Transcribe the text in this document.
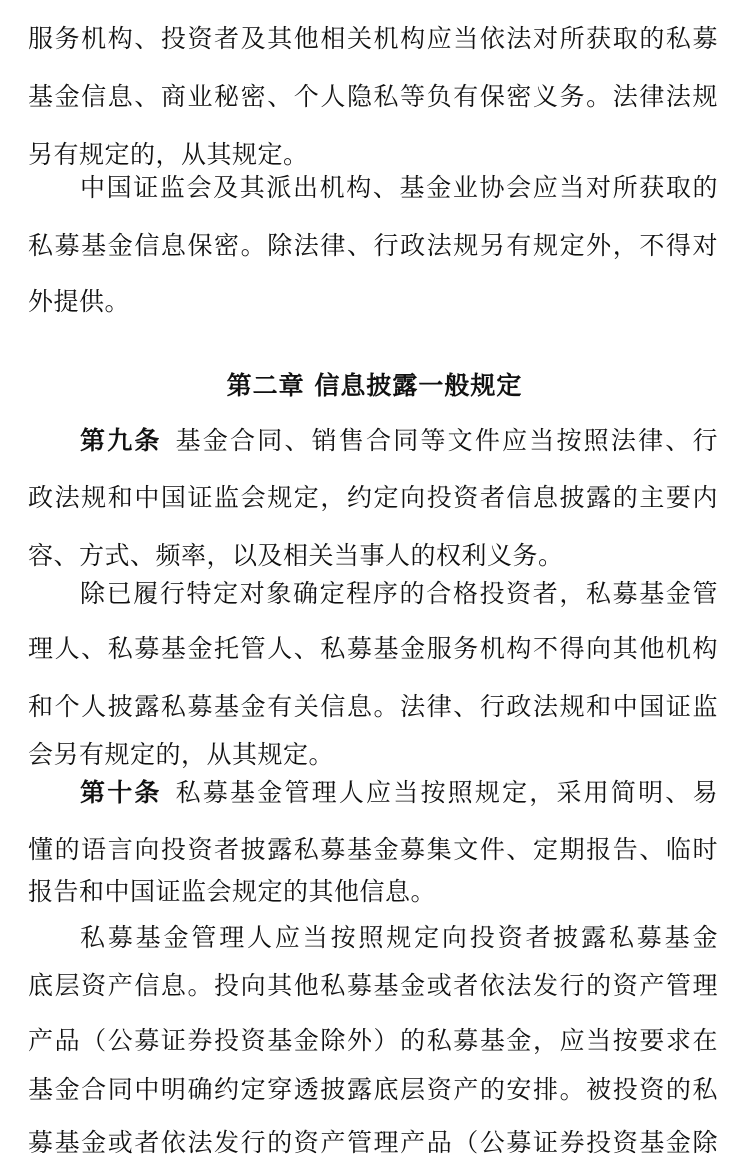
服务机构、投资者及其他相关机构应当依法对所获取的私募
基金信息、商业秘密、个人隐私等负有保密义务。法律法规
另有规定的，从其规定。
中国证监会及其派出机构、基金业协会应当对所获取的
私募基金信息保密。除法律、行政法规另有规定外，不得对
外提供。
第二章 信息披露一般规定
第九条 基金合同、销售合同等文件应当按照法律、行
政法规和中国证监会规定，约定向投资者信息披露的主要内
容、方式、频率，以及相关当事人的权利义务。
除已履行特定对象确定程序的合格投资者，私募基金管
理人、私募基金托管人、私募基金服务机构不得向其他机构
和个人披露私募基金有关信息。法律、行政法规和中国证监
会另有规定的，从其规定。
第十条 私募基金管理人应当按照规定，采用简明、易
懂的语言向投资者披露私募基金募集文件、定期报告、临时
报告和中国证监会规定的其他信息。
私募基金管理人应当按照规定向投资者披露私募基金
底层资产信息。投向其他私募基金或者依法发行的资产管理
产品（公募证券投资基金除外）的私募基金，应当按要求在
基金合同中明确约定穿透披露底层资产的安排。被投资的私
募基金或者依法发行的资产管理产品（公募证券投资基金除
